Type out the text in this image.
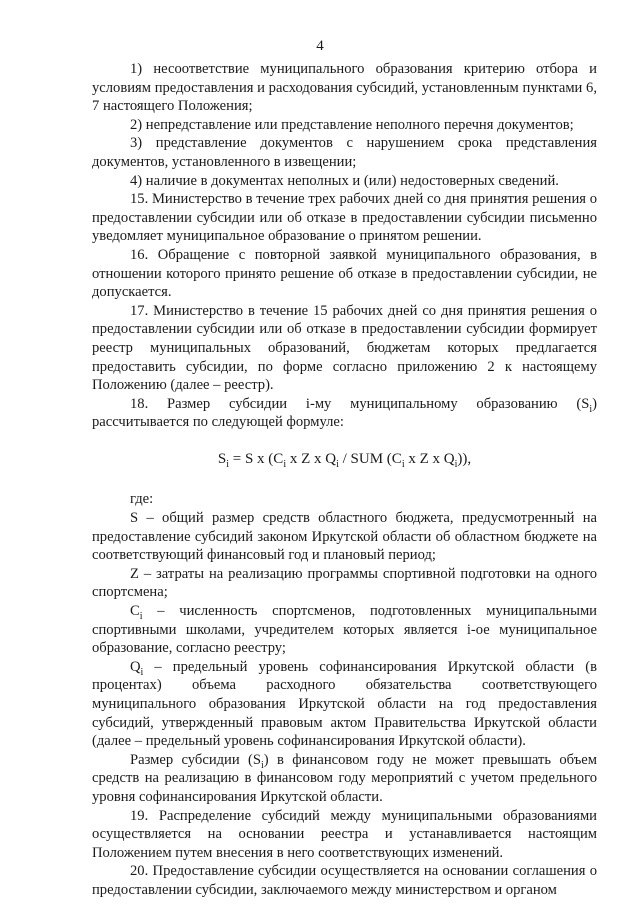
4

1) несоответствие муниципального образования критерию отбора и условиям предоставления и расходования субсидий, установленным пунктами 6, 7 настоящего Положения;

2) непредставление или представление неполного перечня документов;

3) представление документов с нарушением срока представления документов, установленного в извещении;

4) наличие в документах неполных и (или) недостоверных сведений.

15. Министерство в течение трех рабочих дней со дня принятия решения о предоставлении субсидии или об отказе в предоставлении субсидии письменно уведомляет муниципальное образование о принятом решении.

16. Обращение с повторной заявкой муниципального образования, в отношении которого принято решение об отказе в предоставлении субсидии, не допускается.

17. Министерство в течение 15 рабочих дней со дня принятия решения о предоставлении субсидии или об отказе в предоставлении субсидии формирует реестр муниципальных образований, бюджетам которых предлагается предоставить субсидии, по форме согласно приложению 2 к настоящему Положению (далее – реестр).

18. Размер субсидии i-му муниципальному образованию $(S_i)$ рассчитывается по следующей формуле:

$S_i = S$ x ($C_i$ x Z x $Q_i$ / SUM ($C_i$ x Z x $Q_i$)),

где:

S – общий размер средств областного бюджета, предусмотренный на предоставление субсидий законом Иркутской области об областном бюджете на соответствующий финансовый год и плановый период;

Z – затраты на реализацию программы спортивной подготовки на одного спортсмена;

$C_i$ – численность спортсменов, подготовленных муниципальными спортивными школами, учредителем которых является i-ое муниципальное образование, согласно реестру;

$Q_i$ – предельный уровень софинансирования Иркутской области (в процентах) объема расходного обязательства соответствующего муниципального образования Иркутской области на год предоставления субсидий, утвержденный правовым актом Правительства Иркутской области (далее – предельный уровень софинансирования Иркутской области).

Размер субсидии $(S_i)$ в финансовом году не может превышать объем средств на реализацию в финансовом году мероприятий с учетом предельного уровня софинансирования Иркутской области.

19. Распределение субсидий между муниципальными образованиями осуществляется на основании реестра и устанавливается настоящим Положением путем внесения в него соответствующих изменений.

20. Предоставление субсидии осуществляется на основании соглашения о предоставлении субсидии, заключаемого между министерством и органом
